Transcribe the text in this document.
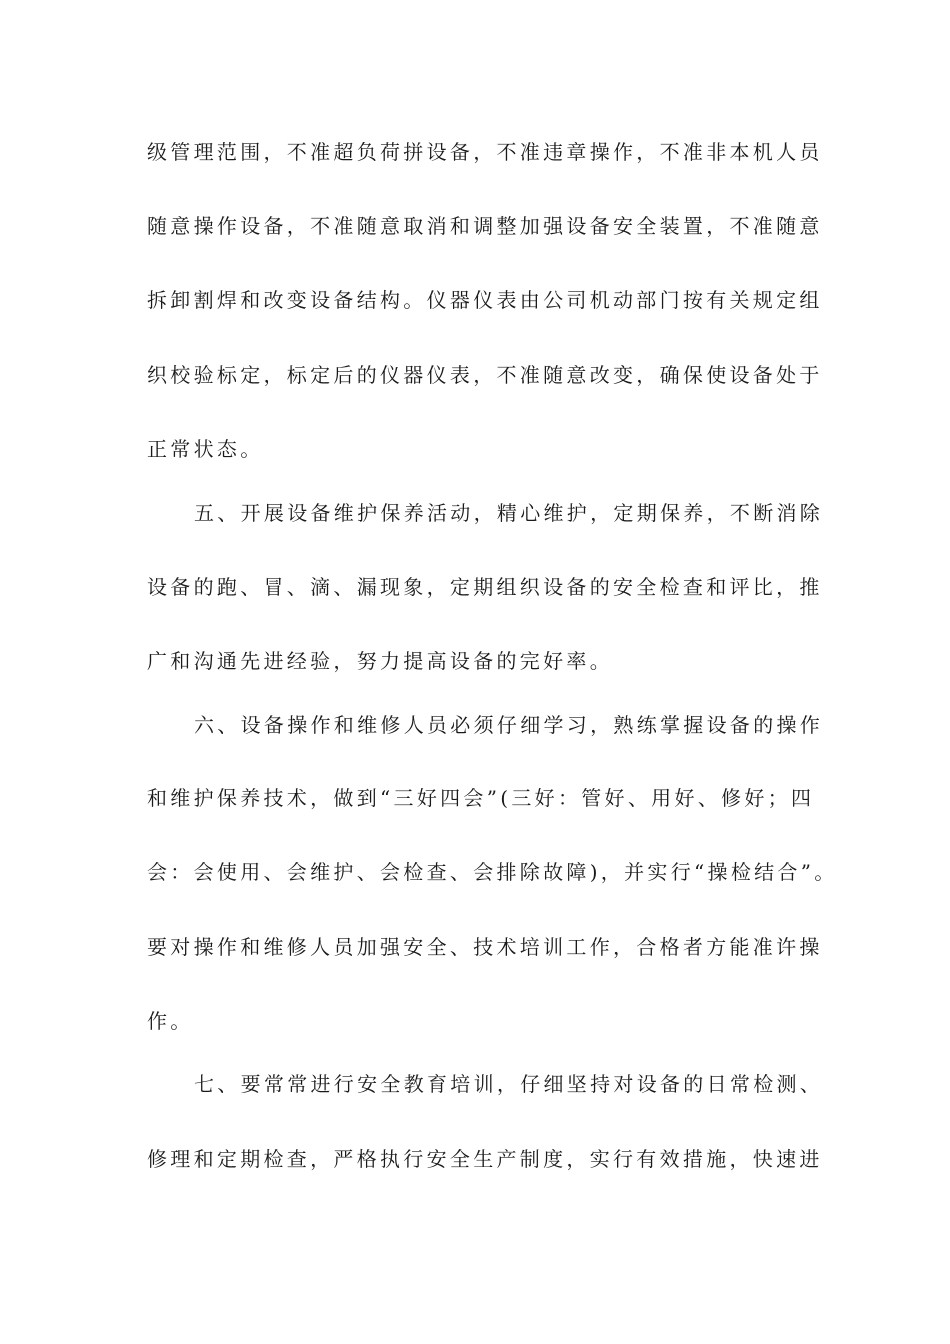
级管理范围，不准超负荷拼设备，不准违章操作，不准非本机人员
随意操作设备，不准随意取消和调整加强设备安全装置，不准随意
拆卸割焊和改变设备结构。仪器仪表由公司机动部门按有关规定组
织校验标定，标定后的仪器仪表，不准随意改变，确保使设备处于
正常状态。
五、开展设备维护保养活动，精心维护，定期保养，不断消除
设备的跑、冒、滴、漏现象，定期组织设备的安全检查和评比，推
广和沟通先进经验，努力提高设备的完好率。
六、设备操作和维修人员必须仔细学习，熟练掌握设备的操作
和维护保养技术，做到“三好四会”(三好：管好、用好、修好；四
会：会使用、会维护、会检查、会排除故障)，并实行“操检结合”。
要对操作和维修人员加强安全、技术培训工作，合格者方能准许操
作。
七、要常常进行安全教育培训，仔细坚持对设备的日常检测、
修理和定期检查，严格执行安全生产制度，实行有效措施，快速进
